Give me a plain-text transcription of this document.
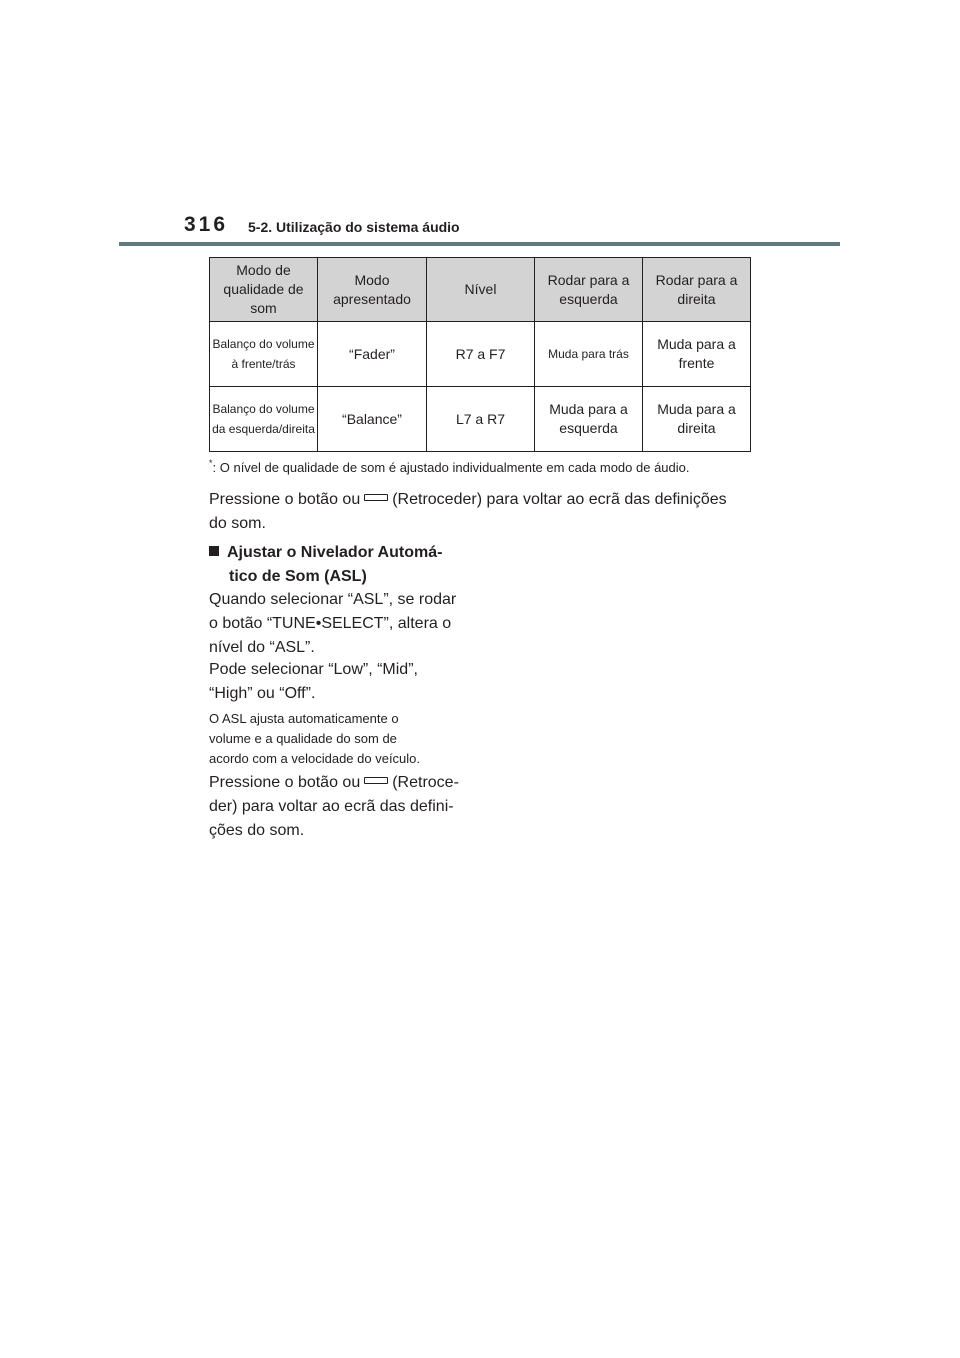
316 5-2. Utilização do sistema áudio
Modo de qualidade de som	Modo apresentado	Nível	Rodar para a esquerda	Rodar para a direita
Balanço do volume à frente/trás	“Fader”	R7 a F7	Muda para trás	Muda para a frente
Balanço do volume da esquerda/direita	“Balance”	L7 a R7	Muda para a esquerda	Muda para a direita
*: O nível de qualidade de som é ajustado individualmente em cada modo de áudio.

Pressione o botão ou (Retroceder) para voltar ao ecrã das definições
do som.

Ajustar o Nivelador Automá-
tico de Som (ASL)

Quando selecionar “ASL”, se rodar
o botão “TUNE•SELECT”, altera o
nível do “ASL”.

Pode selecionar “Low”, “Mid”,
“High” ou “Off”.

O ASL ajusta automaticamente o
volume e a qualidade do som de
acordo com a velocidade do veículo.

Pressione o botão ou (Retroce-
der) para voltar ao ecrã das defini-
ções do som.
